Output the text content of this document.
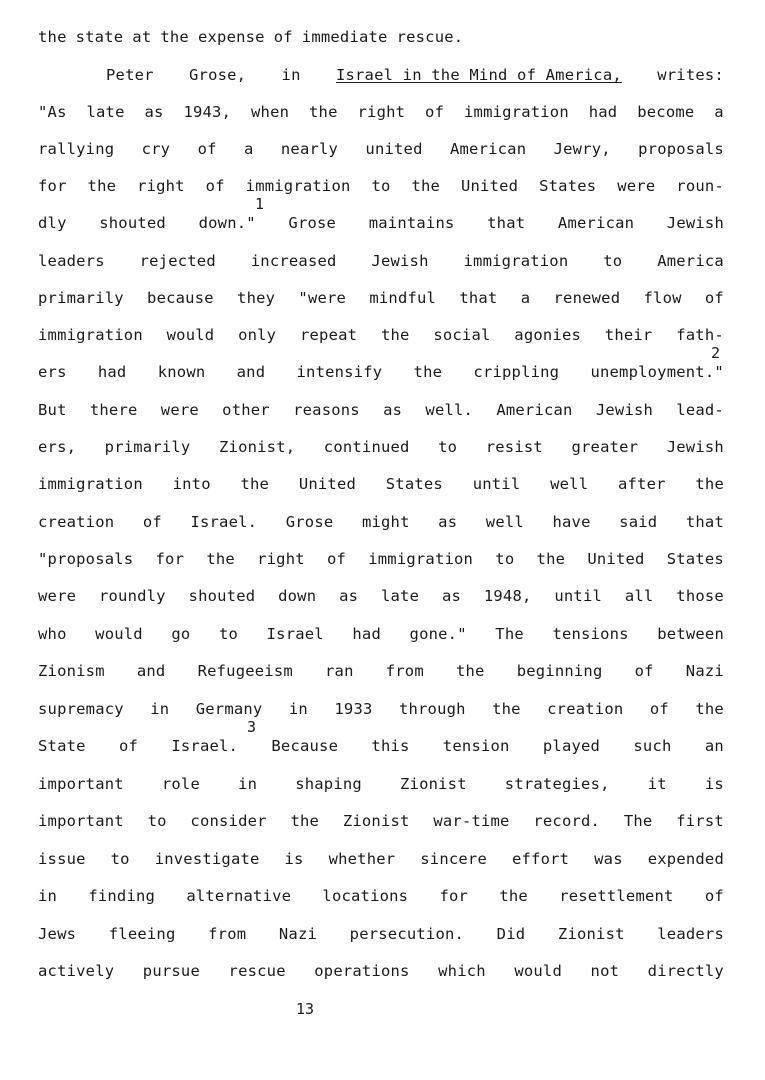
the state at the expense of immediate rescue.
Peter Grose, in Israel in the Mind of America, writes:
"As late as 1943, when the right of immigration had become a
rallying cry of a nearly united American Jewry, proposals
for the right of immigration to the United States were roun-
dly shouted down." Grose maintains that American Jewish
leaders rejected increased Jewish immigration to America
primarily because they "were mindful that a renewed flow of
immigration would only repeat the social agonies their fath-
ers had known and intensify the crippling unemployment."
But there were other reasons as well. American Jewish lead-
ers, primarily Zionist, continued to resist greater Jewish
immigration into the United States until well after the
creation of Israel. Grose might as well have said that
"proposals for the right of immigration to the United States
were roundly shouted down as late as 1948, until all those
who would go to Israel had gone." The tensions between
Zionism and Refugeeism ran from the beginning of Nazi
supremacy in Germany in 1933 through the creation of the
State of Israel. Because this tension played such an
important role in shaping Zionist strategies, it is
important to consider the Zionist war-time record. The first
issue to investigate is whether sincere effort was expended
in finding alternative locations for the resettlement of
Jews fleeing from Nazi persecution. Did Zionist leaders
actively pursue rescue operations which would not directly
1
2
3
13
